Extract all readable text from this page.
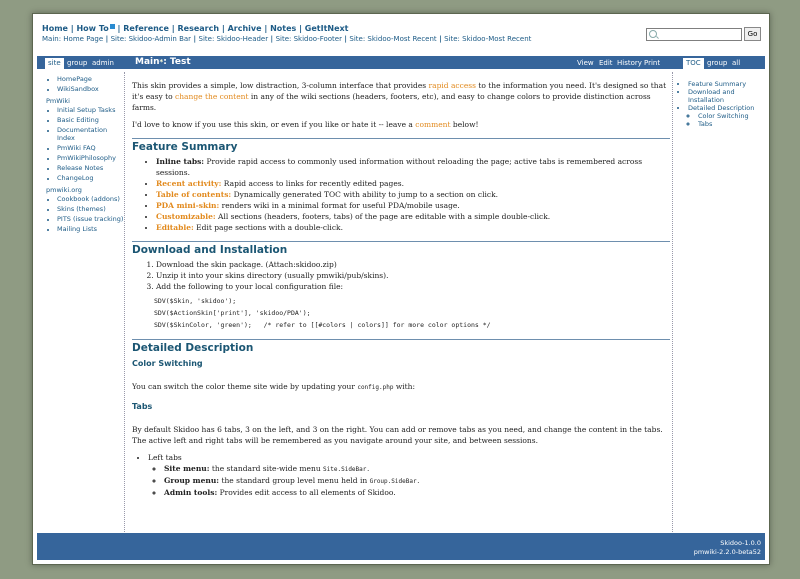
Home | How To | Reference | Research | Archive | Notes | GetItNext
Main: Home Page | Site: Skidoo-Admin Bar | Site: Skidoo-Header | Site: Skidoo-Footer | Site: Skidoo-Most Recent | Site: Skidoo-Most Recent
Go
site group admin Main*: Test	View Edit History Print	TOC group all
• HomePage
• WikiSandbox
PmWiki
• Initial Setup Tasks
• Basic Editing
• Documentation Index
• PmWiki FAQ
• PmWikiPhilosophy
• Release Notes
• ChangeLog
pmwiki.org
• Cookbook (addons)
• Skins (themes)
• PITS (issue tracking)
• Mailing Lists

This skin provides a simple, low distraction, 3-column interface that provides rapid access to the information you need. It's designed so that it's easy to change the content in any of the wiki sections (headers, footers, etc), and easy to change colors to provide distinction across farms.

I'd love to know if you use this skin, or even if you like or hate it -- leave a comment below!

Feature Summary
• Inline tabs: Provide rapid access to commonly used information without reloading the page; active tabs is remembered across sessions.
• Recent activity: Rapid access to links for recently edited pages.
• Table of contents: Dynamically generated TOC with ability to jump to a section on click.
• PDA mini-skin: renders wiki in a minimal format for useful PDA/mobile usage.
• Customizable: All sections (headers, footers, tabs) of the page are editable with a simple double-click.
• Editable: Edit page sections with a double-click.
Download and Installation
1. Download the skin package. (Attach:skidoo.zip)
2. Unzip it into your skins directory (usually pmwiki/pub/skins).
3. Add the following to your local configuration file:
SDV($Skin, 'skidoo');
SDV($ActionSkin['print'], 'skidoo/PDA');
SDV($SkinColor, 'green');   /* refer to [[#colors | colors]] for more color options */
Detailed Description
Color Switching

You can switch the color theme site wide by updating your config.php with:

Tabs

By default Skidoo has 6 tabs, 3 on the left, and 3 on the right. You can add or remove tabs as you need, and change the content in the tabs. The active left and right tabs will be remembered as you navigate around your site, and between sessions.

• Left tabs
◦ Site menu: the standard site-wide menu Site.SideBar.
◦ Group menu: the standard group level menu held in Group.SideBar.
◦ Admin tools: Provides edit access to all elements of Skidoo.
• Feature Summary
• Download and Installation
• Detailed Description
◦ Color Switching
◦ Tabs
Skidoo-1.0.0
pmwiki-2.2.0-beta52
